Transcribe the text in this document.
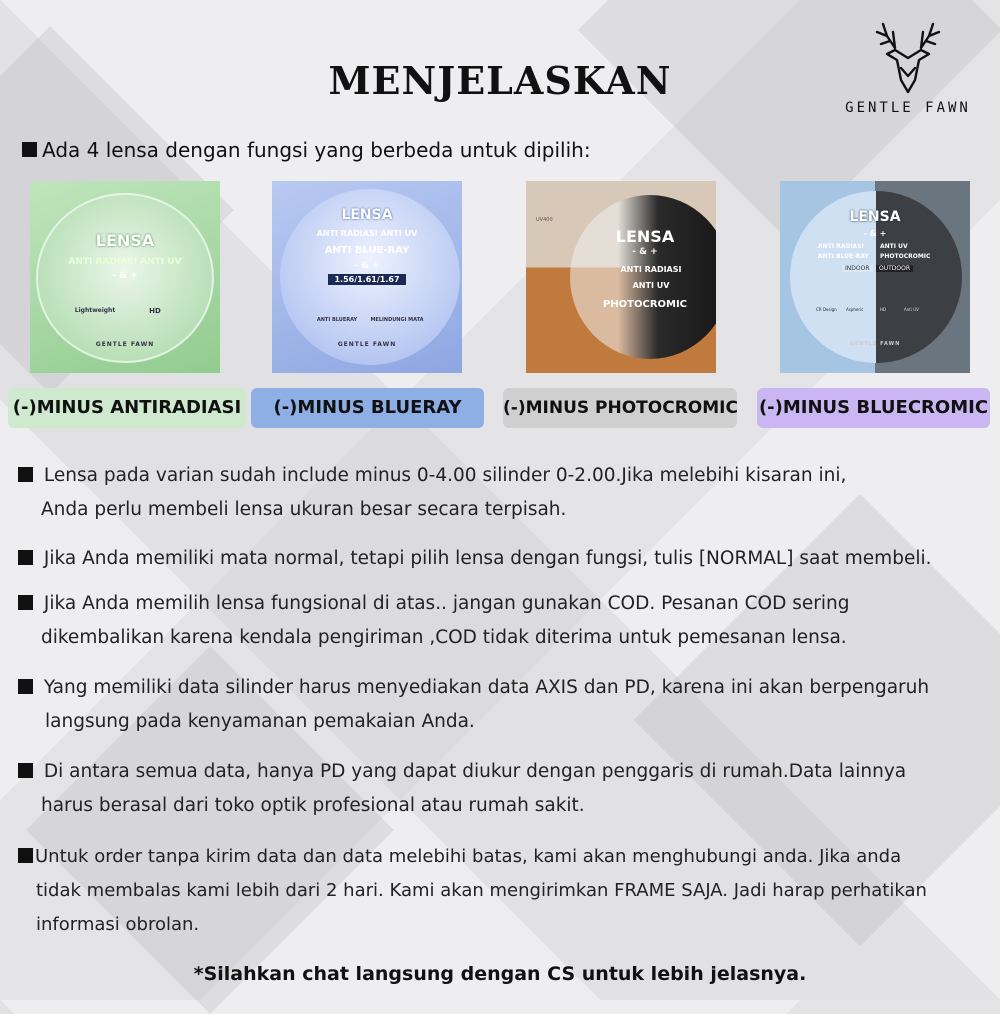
MENJELASKAN
GENTLE FAWN
Ada 4 lensa dengan fungsi yang berbeda untuk dipilih:
LENSA
ANTI RADIASI ANTI UV
- & +
Lightweight	HD
GENTLE FAWN
LENSA
ANTI RADIASI ANTI UV
ANTI BLUE-RAY
- & +
1.56/1.61/1.67
ANTI BLUERAY	MELINDUNGI MATA
GENTLE FAWN
UV400
LENSA
- & +
ANTI RADIASI
ANTI UV
PHOTOCROMIC
LENSA
- & +
ANTI RADIASI
ANTI BLUE-RAY
ANTI UV
PHOTOCROMIC
INDOOR	OUTDOOR
CR Design Aspheric	HD	Anti UV
GENTLE FAWN
(-)MINUS ANTIRADIASI	(-)MINUS BLUERAY	(-)MINUS PHOTOCROMIC (-)MINUS BLUECROMIC
Lensa pada varian sudah include minus 0-4.00 silinder 0-2.00.Jika melebihi kisaran ini,
Anda perlu membeli lensa ukuran besar secara terpisah.
Jika Anda memiliki mata normal, tetapi pilih lensa dengan fungsi, tulis [NORMAL] saat membeli.
Jika Anda memilih lensa fungsional di atas.. jangan gunakan COD. Pesanan COD sering
dikembalikan karena kendala pengiriman ,COD tidak diterima untuk pemesanan lensa.
Yang memiliki data silinder harus menyediakan data AXIS dan PD, karena ini akan berpengaruh
langsung pada kenyamanan pemakaian Anda.
Di antara semua data, hanya PD yang dapat diukur dengan penggaris di rumah.Data lainnya
harus berasal dari toko optik profesional atau rumah sakit.
Untuk order tanpa kirim data dan data melebihi batas, kami akan menghubungi anda. Jika anda
tidak membalas kami lebih dari 2 hari. Kami akan mengirimkan FRAME SAJA. Jadi harap perhatikan
informasi obrolan.
*Silahkan chat langsung dengan CS untuk lebih jelasnya.
